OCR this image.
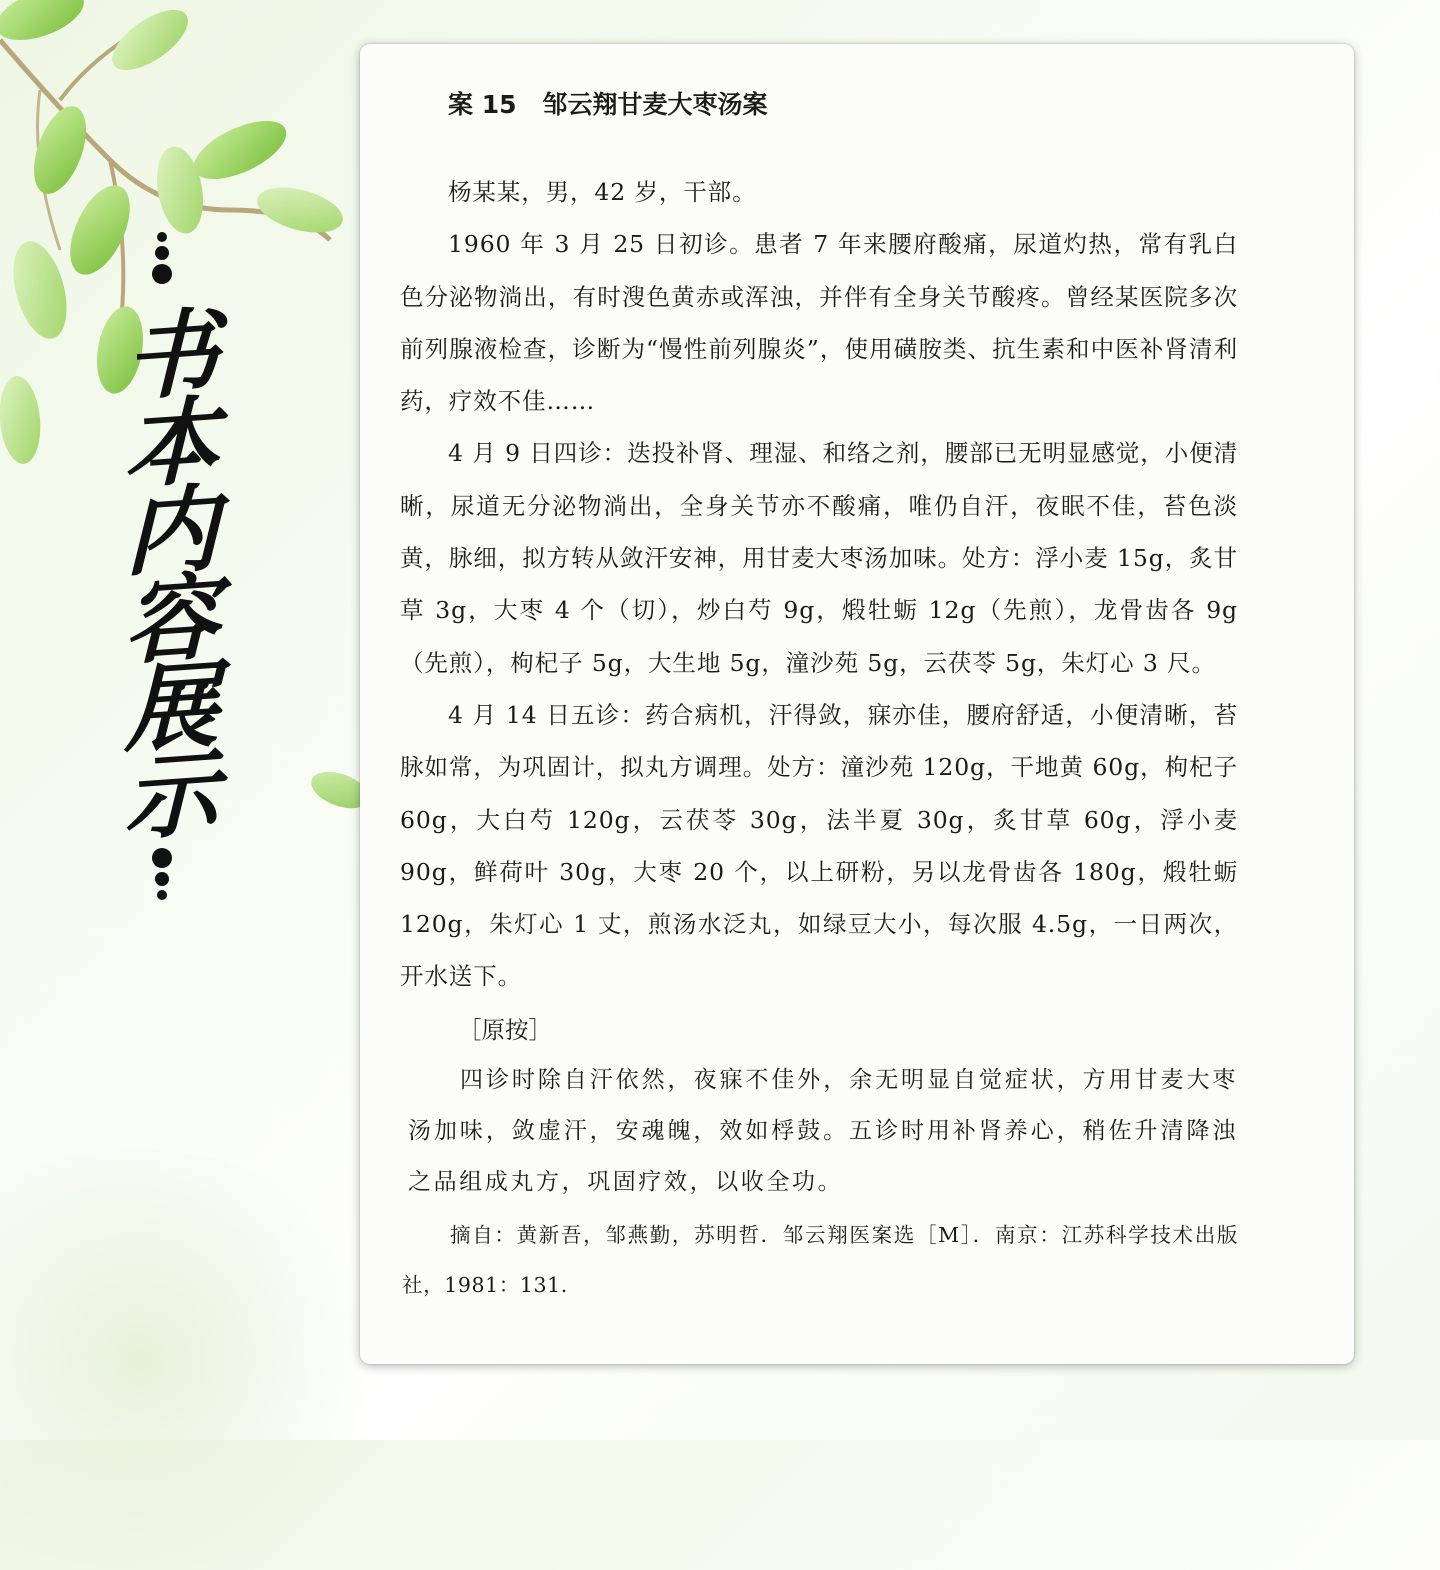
书本内容展示
案 15 邹云翔甘麦大枣汤案

杨某某，男，42 岁，干部。

1960 年 3 月 25 日初诊。患者 7 年来腰府酸痛，尿道灼热，常有乳白色分泌物淌出，有时溲色黄赤或浑浊，并伴有全身关节酸疼。曾经某医院多次前列腺液检查，诊断为“慢性前列腺炎”，使用磺胺类、抗生素和中医补肾清利药，疗效不佳……

4 月 9 日四诊：迭投补肾、理湿、和络之剂，腰部已无明显感觉，小便清晰，尿道无分泌物淌出，全身关节亦不酸痛，唯仍自汗，夜眠不佳，苔色淡黄，脉细，拟方转从敛汗安神，用甘麦大枣汤加味。处方：浮小麦 15g，炙甘草 3g，大枣 4 个（切），炒白芍 9g，煅牡蛎 12g（先煎），龙骨齿各 9g（先煎），枸杞子 5g，大生地 5g，潼沙苑 5g，云茯苓 5g，朱灯心 3 尺。

4 月 14 日五诊：药合病机，汗得敛，寐亦佳，腰府舒适，小便清晰，苔脉如常，为巩固计，拟丸方调理。处方：潼沙苑 120g，干地黄 60g，枸杞子 60g，大白芍 120g，云茯苓 30g，法半夏 30g，炙甘草 60g，浮小麦 90g，鲜荷叶 30g，大枣 20 个，以上研粉，另以龙骨齿各 180g，煅牡蛎 120g，朱灯心 1 丈，煎汤水泛丸，如绿豆大小，每次服 4.5g，一日两次，开水送下。

［原按］

四诊时除自汗依然，夜寐不佳外，余无明显自觉症状，方用甘麦大枣汤加味，敛虚汗，安魂魄，效如桴鼓。五诊时用补肾养心，稍佐升清降浊之品组成丸方，巩固疗效，以收全功。

摘自：黄新吾，邹燕勤，苏明哲．邹云翔医案选［M］．南京：江苏科学技术出版社，1981：131.
